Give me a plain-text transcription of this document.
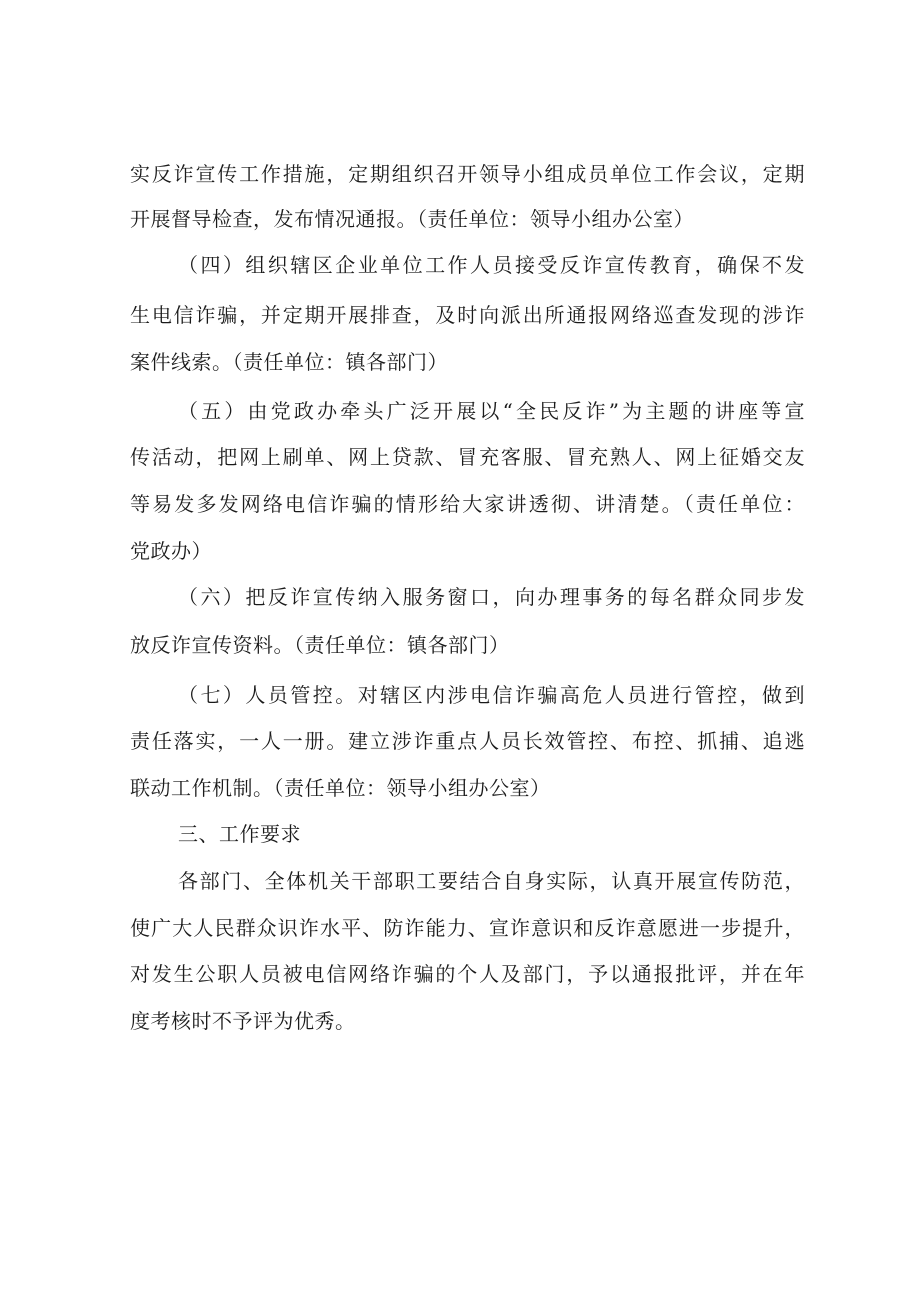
实反诈宣传工作措施，定期组织召开领导小组成员单位工作会议，定期
开展督导检查，发布情况通报。（责任单位：领导小组办公室）
（四）组织辖区企业单位工作人员接受反诈宣传教育，确保不发
生电信诈骗，并定期开展排查，及时向派出所通报网络巡查发现的涉诈
案件线索。（责任单位：镇各部门）
（五）由党政办牵头广泛开展以“全民反诈”为主题的讲座等宣
传活动，把网上刷单、网上贷款、冒充客服、冒充熟人、网上征婚交友
等易发多发网络电信诈骗的情形给大家讲透彻、讲清楚。（责任单位：
党政办）
（六）把反诈宣传纳入服务窗口，向办理事务的每名群众同步发
放反诈宣传资料。（责任单位：镇各部门）
（七）人员管控。对辖区内涉电信诈骗高危人员进行管控，做到
责任落实，一人一册。建立涉诈重点人员长效管控、布控、抓捕、追逃
联动工作机制。（责任单位：领导小组办公室）
三、工作要求
各部门、全体机关干部职工要结合自身实际，认真开展宣传防范，
使广大人民群众识诈水平、防诈能力、宣诈意识和反诈意愿进一步提升，
对发生公职人员被电信网络诈骗的个人及部门，予以通报批评，并在年
度考核时不予评为优秀。
